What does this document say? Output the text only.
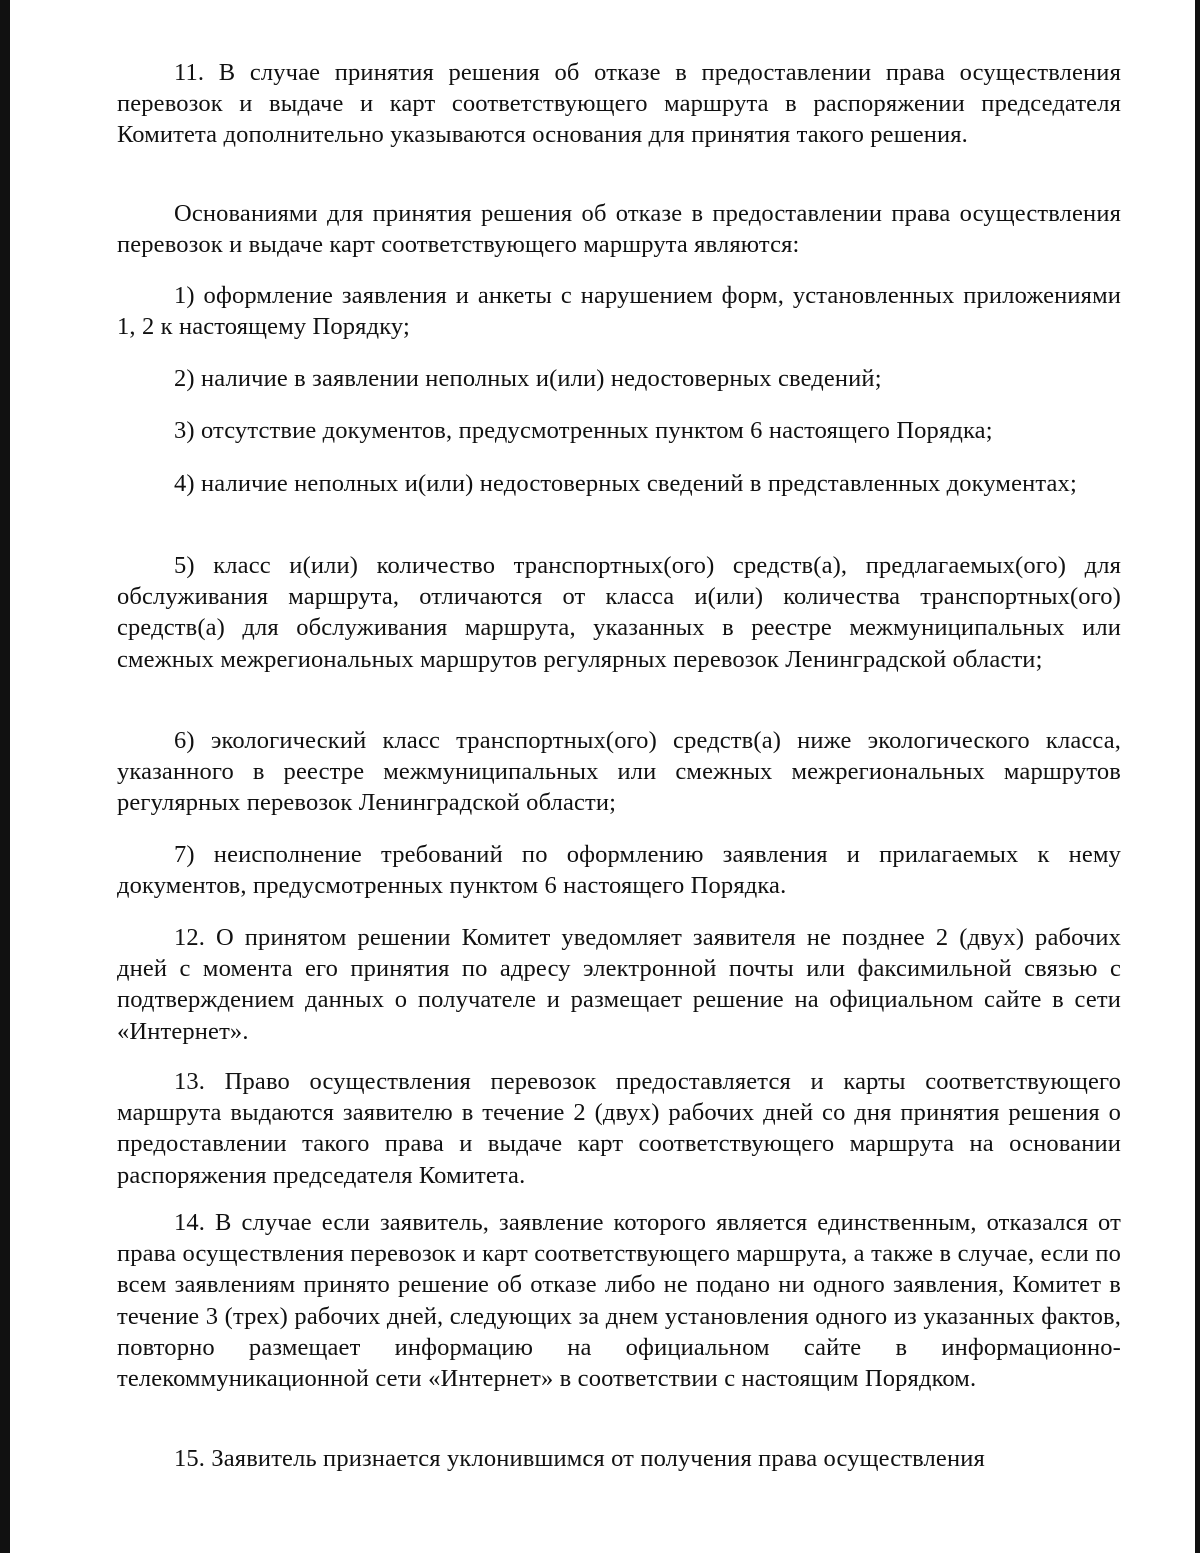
11. В случае принятия решения об отказе в предоставлении права осуществления перевозок и выдаче и карт соответствующего маршрута в распоряжении председателя Комитета дополнительно указываются основания для принятия такого решения.

Основаниями для принятия решения об отказе в предоставлении права осуществления перевозок и выдаче карт соответствующего маршрута являются:

1) оформление заявления и анкеты с нарушением форм, установленных приложениями 1, 2 к настоящему Порядку;

2) наличие в заявлении неполных и(или) недостоверных сведений;

3) отсутствие документов, предусмотренных пунктом 6 настоящего Порядка;

4) наличие неполных и(или) недостоверных сведений в представленных документах;

5) класс и(или) количество транспортных(ого) средств(а), предлагаемых(ого) для обслуживания маршрута, отличаются от класса и(или) количества транспортных(ого) средств(а) для обслуживания маршрута, указанных в реестре межмуниципальных или смежных межрегиональных маршрутов регулярных перевозок Ленинградской области;

6) экологический класс транспортных(ого) средств(а) ниже экологического класса, указанного в реестре межмуниципальных или смежных межрегиональных маршрутов регулярных перевозок Ленинградской области;

7) неисполнение требований по оформлению заявления и прилагаемых к нему документов, предусмотренных пунктом 6 настоящего Порядка.

12. О принятом решении Комитет уведомляет заявителя не позднее 2 (двух) рабочих дней с момента его принятия по адресу электронной почты или факсимильной связью с подтверждением данных о получателе и размещает решение на официальном сайте в сети «Интернет».

13. Право осуществления перевозок предоставляется и карты соответствующего маршрута выдаются заявителю в течение 2 (двух) рабочих дней со дня принятия решения о предоставлении такого права и выдаче карт соответствующего маршрута на основании распоряжения председателя Комитета.

14. В случае если заявитель, заявление которого является единственным, отказался от права осуществления перевозок и карт соответствующего маршрута, а также в случае, если по всем заявлениям принято решение об отказе либо не подано ни одного заявления, Комитет в течение 3 (трех) рабочих дней, следующих за днем установления одного из указанных фактов, повторно размещает информацию на официальном сайте в информационно-телекоммуникационной сети «Интернет» в соответствии с настоящим Порядком.

15. Заявитель признается уклонившимся от получения права осуществления
